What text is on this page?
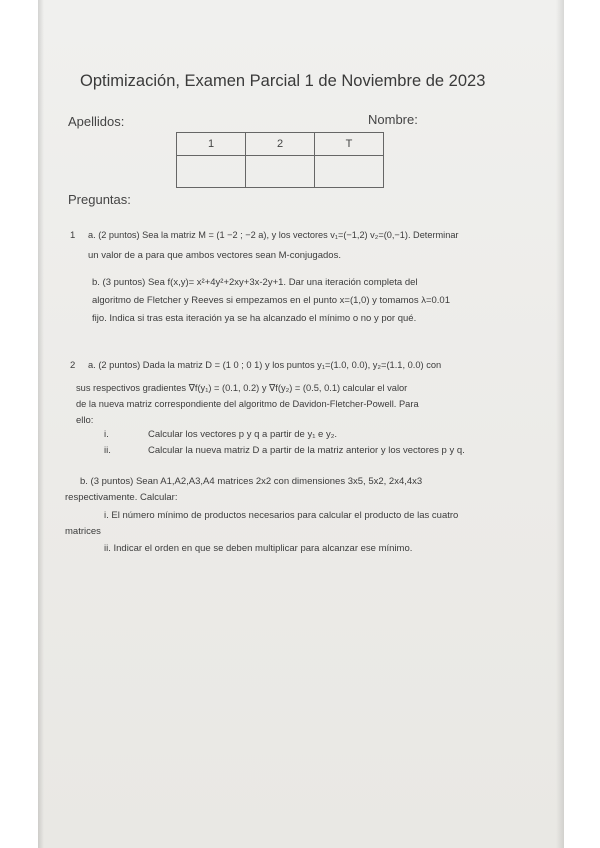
Optimización, Examen Parcial 1 de Noviembre de 2023
Apellidos:	Nombre:
1	2	T

Preguntas:
1 a. (2 puntos) Sea la matriz M = (1 −2 ; −2 a), y los vectores v₁=(−1,2) v₂=(0,−1). Determinar
un valor de a para que ambos vectores sean M-conjugados.
b. (3 puntos) Sea f(x,y)= x²+4y²+2xy+3x-2y+1. Dar una iteración completa del
algoritmo de Fletcher y Reeves si empezamos en el punto x=(1,0) y tomamos λ=0.01
fijo. Indica si tras esta iteración ya se ha alcanzado el mínimo o no y por qué.
2 a. (2 puntos) Dada la matriz D = (1 0 ; 0 1) y los puntos y₁=(1.0, 0.0), y₂=(1.1, 0.0) con
sus respectivos gradientes ∇f(y₁) = (0.1, 0.2) y ∇f(y₂) = (0.5, 0.1) calcular el valor
de la nueva matriz correspondiente del algoritmo de Davidon-Fletcher-Powell. Para
ello:
i.	Calcular los vectores p y q a partir de y₁ e y₂.
ii.	Calcular la nueva matriz D a partir de la matriz anterior y los vectores p y q.
b. (3 puntos) Sean A1,A2,A3,A4 matrices 2x2 con dimensiones 3x5, 5x2, 2x4,4x3
respectivamente. Calcular:
i. El número mínimo de productos necesarios para calcular el producto de las cuatro
matrices
ii. Indicar el orden en que se deben multiplicar para alcanzar ese mínimo.
